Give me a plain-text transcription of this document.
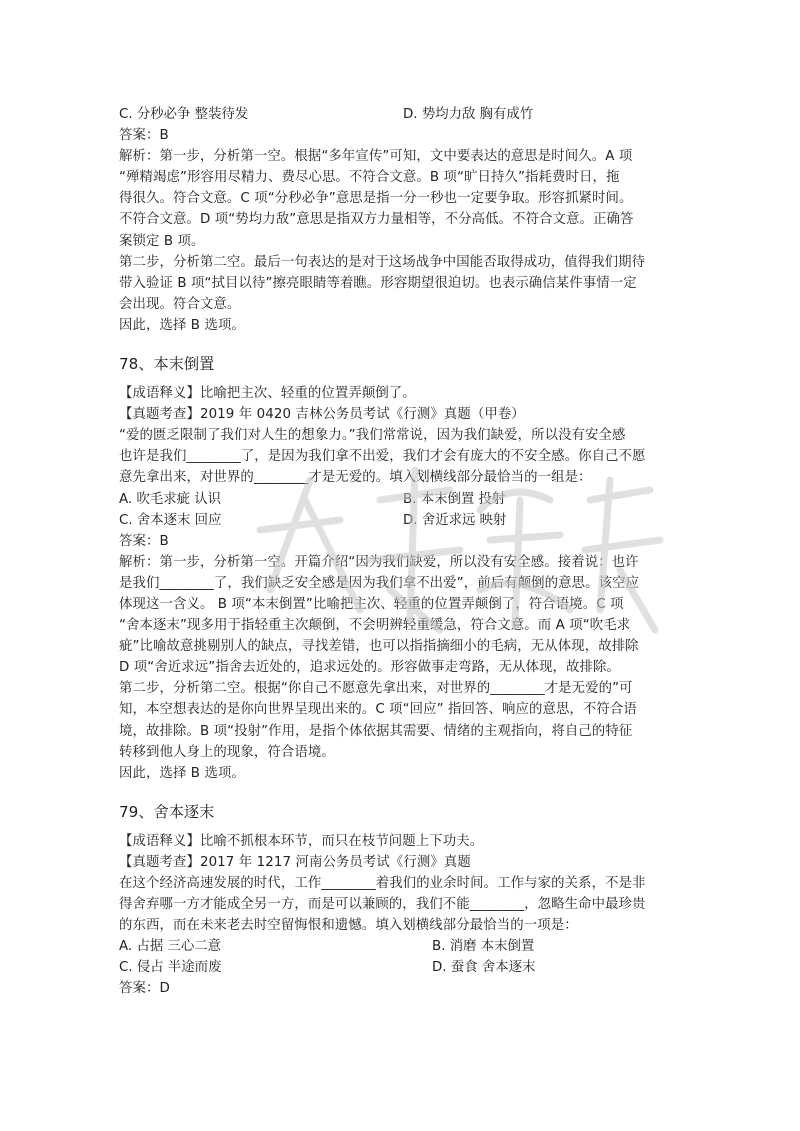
C. 分秒必争 整装待发	D. 势均力敌 胸有成竹
答案：B
解析：第一步，分析第一空。根据“多年宣传”可知，文中要表达的意思是时间久。A 项
“殚精竭虑”形容用尽精力、费尽心思。不符合文意。B 项“旷日持久”指耗费时日，拖
得很久。符合文意。C 项“分秒必争”意思是指一分一秒也一定要争取。形容抓紧时间。
不符合文意。D 项“势均力敌”意思是指双方力量相等，不分高低。不符合文意。正确答
案锁定 B 项。
第二步，分析第二空。最后一句表达的是对于这场战争中国能否取得成功，值得我们期待
带入验证 B 项“拭目以待”擦亮眼睛等着瞧。形容期望很迫切。也表示确信某件事情一定
会出现。符合文意。
因此，选择 B 选项。
78、本末倒置
【成语释义】比喻把主次、轻重的位置弄颠倒了。
【真题考查】2019 年 0420 吉林公务员考试《行测》真题（甲卷）
“爱的匮乏限制了我们对人生的想象力。”我们常常说，因为我们缺爱，所以没有安全感
也许是我们________了，是因为我们拿不出爱，我们才会有庞大的不安全感。你自己不愿
意先拿出来，对世界的________才是无爱的。填入划横线部分最恰当的一组是：
A. 吹毛求疵 认识	B. 本末倒置 投射
C. 舍本逐末 回应	D. 舍近求远 映射
答案：B
解析：第一步，分析第一空。开篇介绍“因为我们缺爱，所以没有安全感。接着说：也许
是我们________了，我们缺乏安全感是因为我们拿不出爱”，前后有颠倒的意思。该空应
体现这一含义。 B 项“本末倒置”比喻把主次、轻重的位置弄颠倒了，符合语境。C 项
“舍本逐末”现多用于指轻重主次颠倒，不会明辨轻重缓急，符合文意。而 A 项“吹毛求
疵”比喻故意挑剔别人的缺点，寻找差错，也可以指指摘细小的毛病，无从体现，故排除
D 项“舍近求远”指舍去近处的，追求远处的。形容做事走弯路，无从体现，故排除。
第二步，分析第二空。根据“你自己不愿意先拿出来，对世界的________才是无爱的”可
知，本空想表达的是你向世界呈现出来的。C 项“回应” 指回答、响应的意思，不符合语
境，故排除。B 项“投射”作用，是指个体依据其需要、情绪的主观指向，将自己的特征
转移到他人身上的现象，符合语境。
因此，选择 B 选项。
79、舍本逐末
【成语释义】比喻不抓根本环节，而只在枝节问题上下功夫。
【真题考查】2017 年 1217 河南公务员考试《行测》真题
在这个经济高速发展的时代，工作________着我们的业余时间。工作与家的关系，不是非
得舍弃哪一方才能成全另一方，而是可以兼顾的，我们不能________，忽略生命中最珍贵
的东西，而在未来老去时空留悔恨和遗憾。填入划横线部分最恰当的一项是：
A. 占据 三心二意	B. 消磨 本末倒置
C. 侵占 半途而废	D. 蚕食 舍本逐末
答案：D
